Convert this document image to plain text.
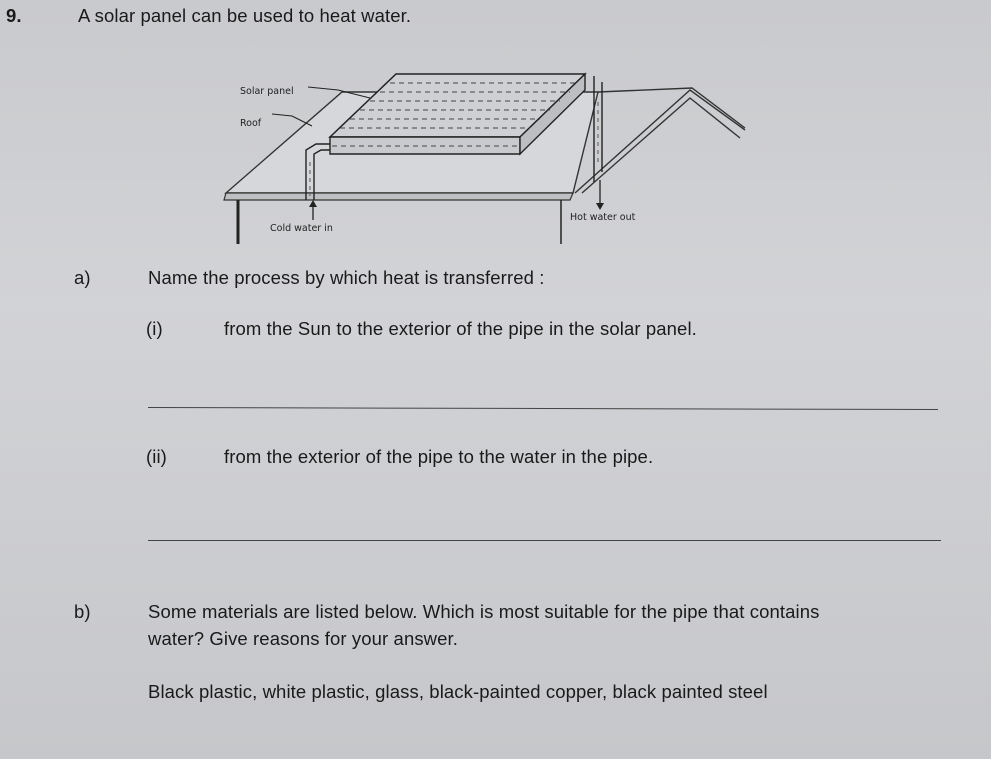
9.	A solar panel can be used to heat water.
Solar panel
Roof
Cold water in
Hot water out
a)	Name the process by which heat is transferred :
(i)	from the Sun to the exterior of the pipe in the solar panel.
(ii)	from the exterior of the pipe to the water in the pipe.
b)	Some materials are listed below. Which is most suitable for the pipe that contains
water? Give reasons for your answer.
Black plastic, white plastic, glass, black-painted copper, black painted steel
